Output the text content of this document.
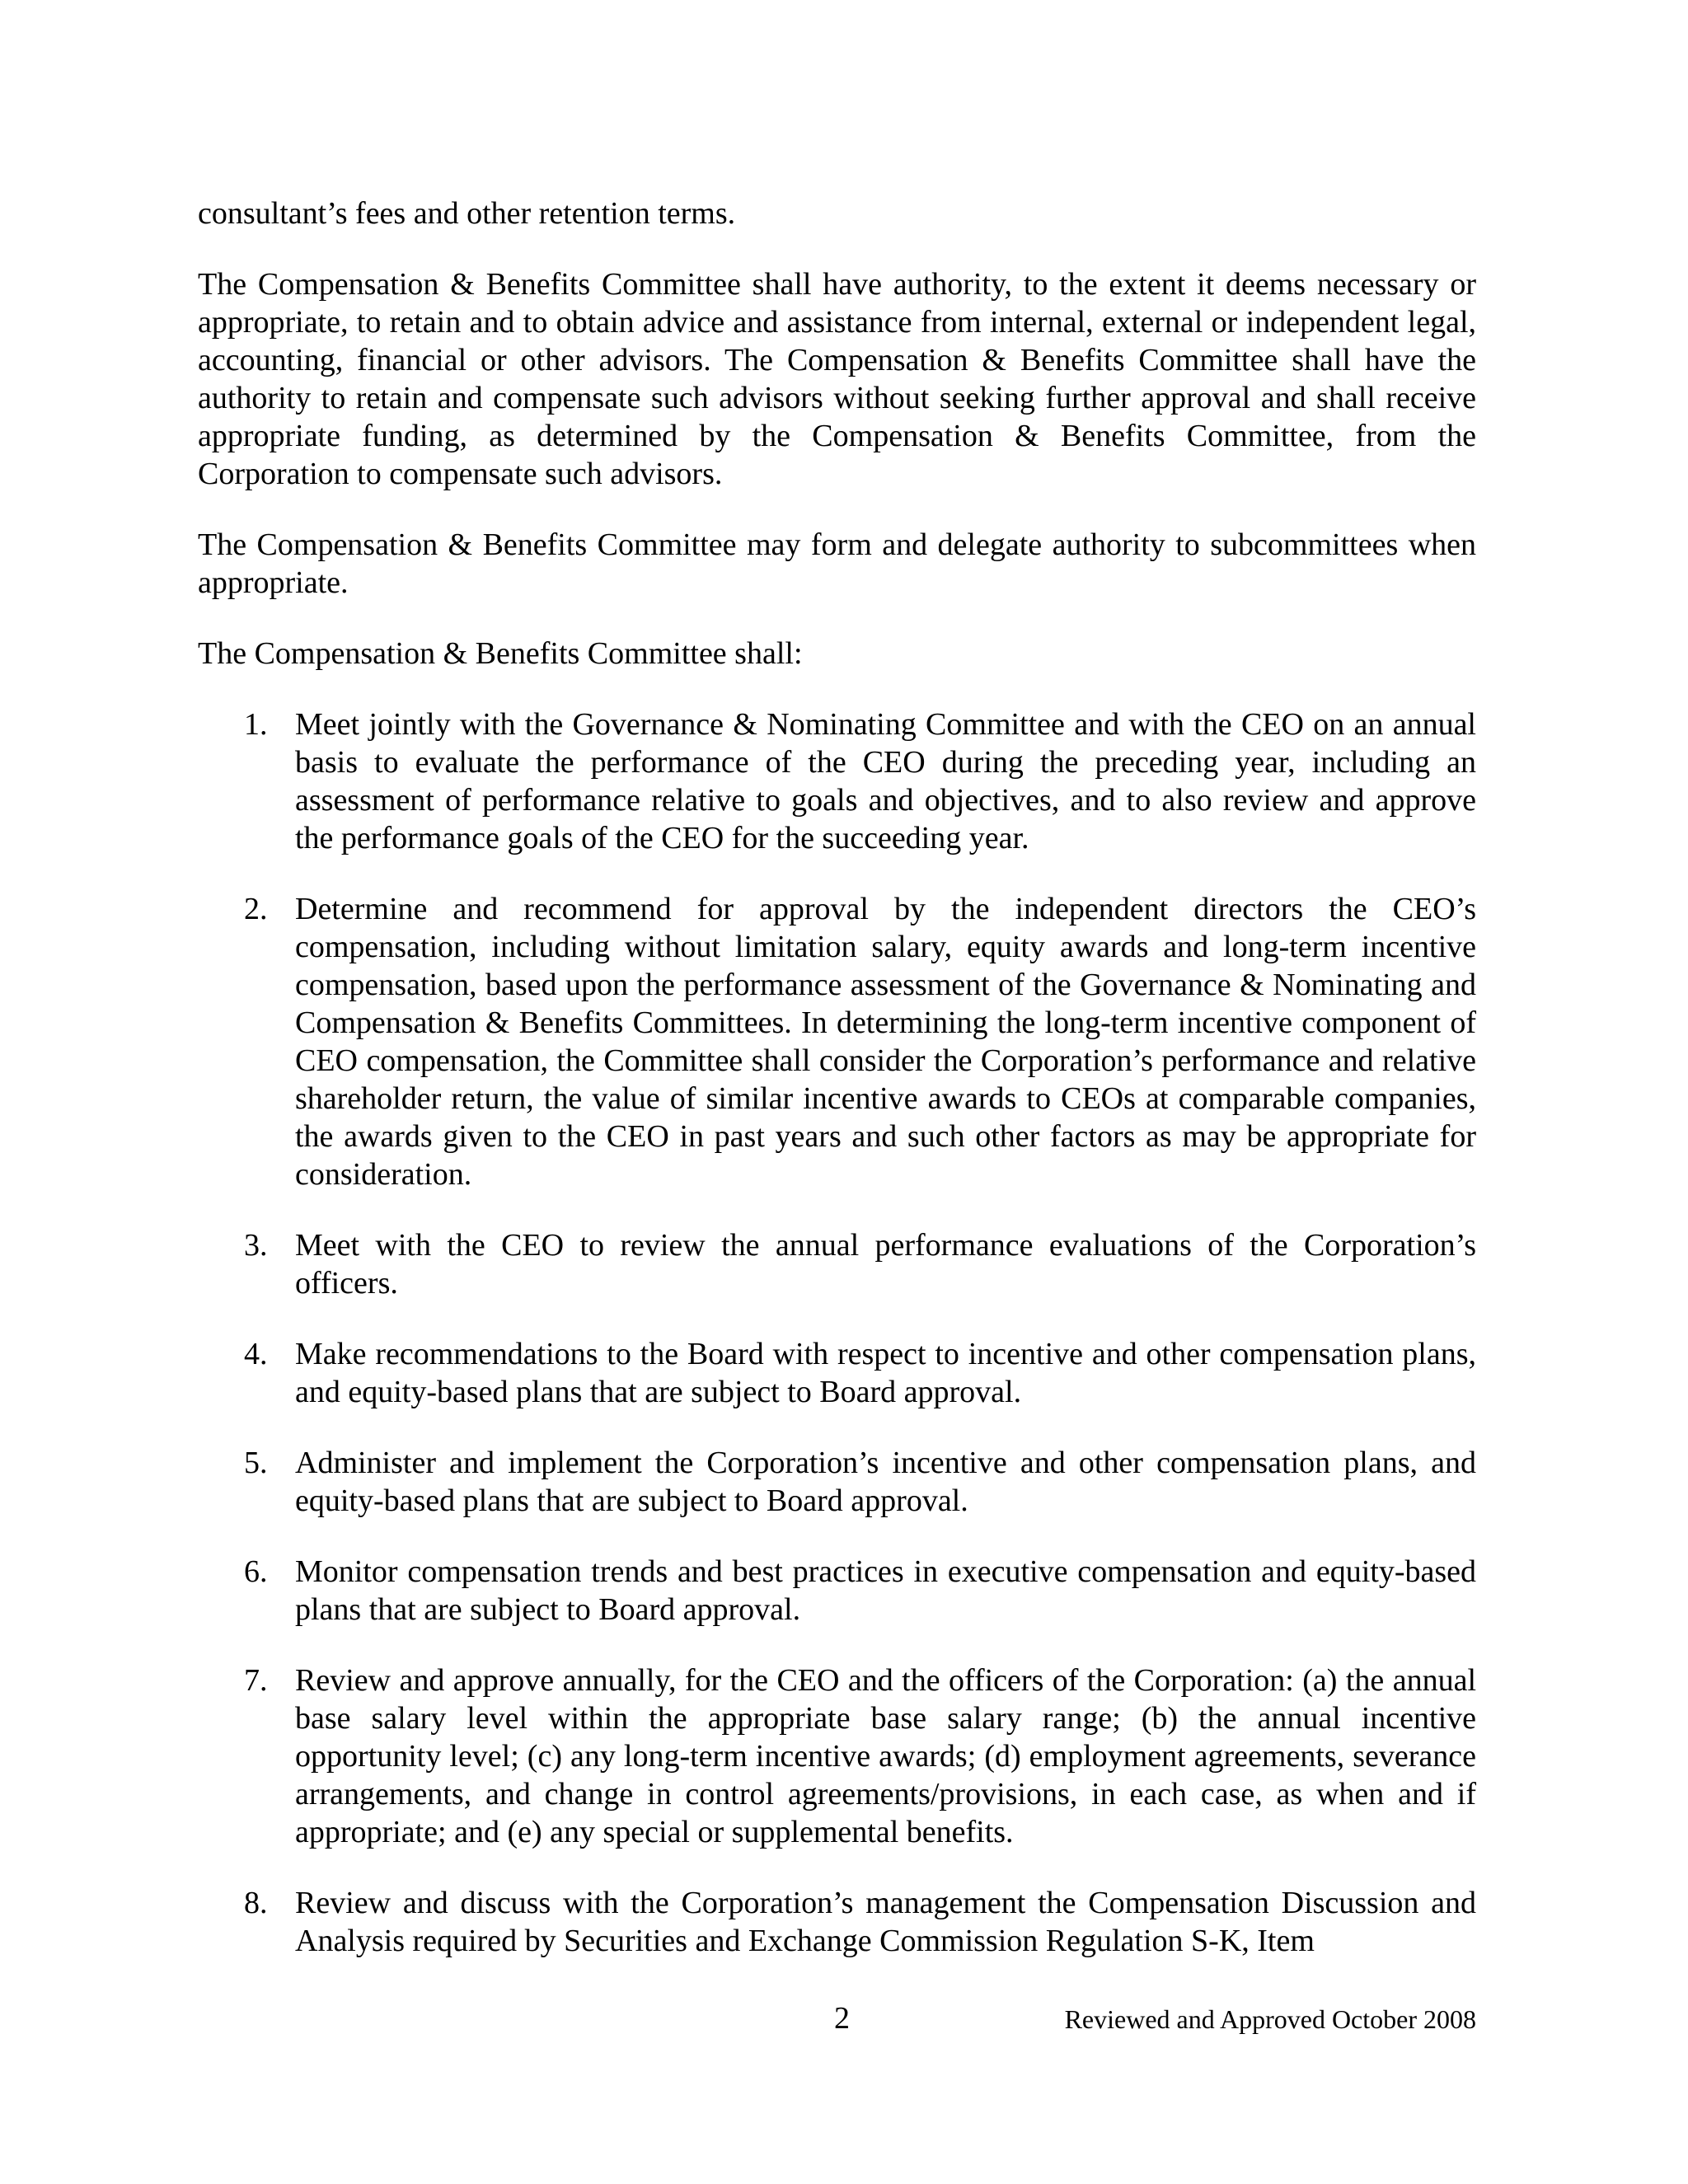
consultant’s fees and other retention terms.

The Compensation & Benefits Committee shall have authority, to the extent it deems necessary or appropriate, to retain and to obtain advice and assistance from internal, external or independent legal, accounting, financial or other advisors. The Compensation & Benefits Committee shall have the authority to retain and compensate such advisors without seeking further approval and shall receive appropriate funding, as determined by the Compensation & Benefits Committee, from the Corporation to compensate such advisors.

The Compensation & Benefits Committee may form and delegate authority to subcommittees when appropriate.

The Compensation & Benefits Committee shall:

1. Meet jointly with the Governance & Nominating Committee and with the CEO on an annual basis to evaluate the performance of the CEO during the preceding year, including an assessment of performance relative to goals and objectives, and to also review and approve the performance goals of the CEO for the succeeding year.
2. Determine and recommend for approval by the independent directors the CEO’s compensation, including without limitation salary, equity awards and long-term incentive compensation, based upon the performance assessment of the Governance & Nominating and Compensation & Benefits Committees. In determining the long-term incentive component of CEO compensation, the Committee shall consider the Corporation’s performance and relative shareholder return, the value of similar incentive awards to CEOs at comparable companies, the awards given to the CEO in past years and such other factors as may be appropriate for consideration.
3. Meet with the CEO to review the annual performance evaluations of the Corporation’s officers.
4. Make recommendations to the Board with respect to incentive and other compensation plans, and equity-based plans that are subject to Board approval.
5. Administer and implement the Corporation’s incentive and other compensation plans, and equity-based plans that are subject to Board approval.
6. Monitor compensation trends and best practices in executive compensation and equity-based plans that are subject to Board approval.
7. Review and approve annually, for the CEO and the officers of the Corporation: (a) the annual base salary level within the appropriate base salary range; (b) the annual incentive opportunity level; (c) any long-term incentive awards; (d) employment agreements, severance arrangements, and change in control agreements/provisions, in each case, as when and if appropriate; and (e) any special or supplemental benefits.
8. Review and discuss with the Corporation’s management the Compensation Discussion and Analysis required by Securities and Exchange Commission Regulation S-K, Item
2	Reviewed and Approved October 2008
